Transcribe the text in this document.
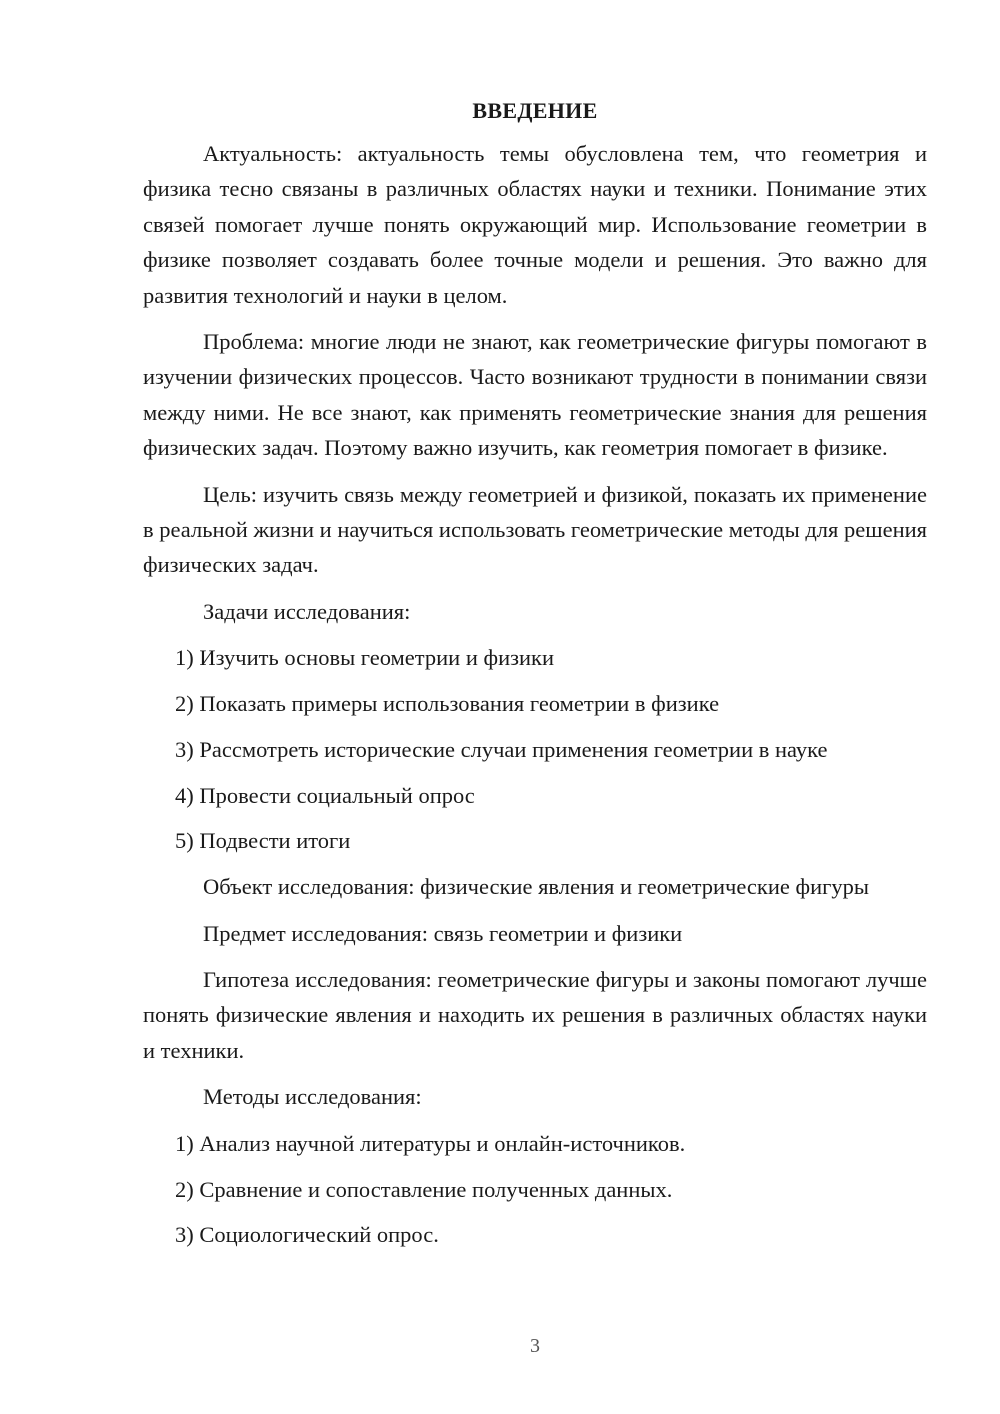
ВВЕДЕНИЕ

Актуальность: актуальность темы обусловлена тем, что геометрия и физика тесно связаны в различных областях науки и техники. Понимание этих связей помогает лучше понять окружающий мир. Использование геометрии в физике позволяет создавать более точные модели и решения. Это важно для развития технологий и науки в целом.

Проблема: многие люди не знают, как геометрические фигуры помогают в изучении физических процессов. Часто возникают трудности в понимании связи между ними. Не все знают, как применять геометрические знания для решения физических задач. Поэтому важно изучить, как геометрия помогает в физике.

Цель: изучить связь между геометрией и физикой, показать их применение в реальной жизни и научиться использовать геометрические методы для решения физических задач.

Задачи исследования:

1) Изучить основы геометрии и физики
2) Показать примеры использования геометрии в физике
3) Рассмотреть исторические случаи применения геометрии в науке
4) Провести социальный опрос
5) Подвести итоги

Объект исследования: физические явления и геометрические фигуры

Предмет исследования: связь геометрии и физики

Гипотеза исследования: геометрические фигуры и законы помогают лучше понять физические явления и находить их решения в различных областях науки и техники.

Методы исследования:

1) Анализ научной литературы и онлайн-источников.
2) Сравнение и сопоставление полученных данных.
3) Социологический опрос.
3
